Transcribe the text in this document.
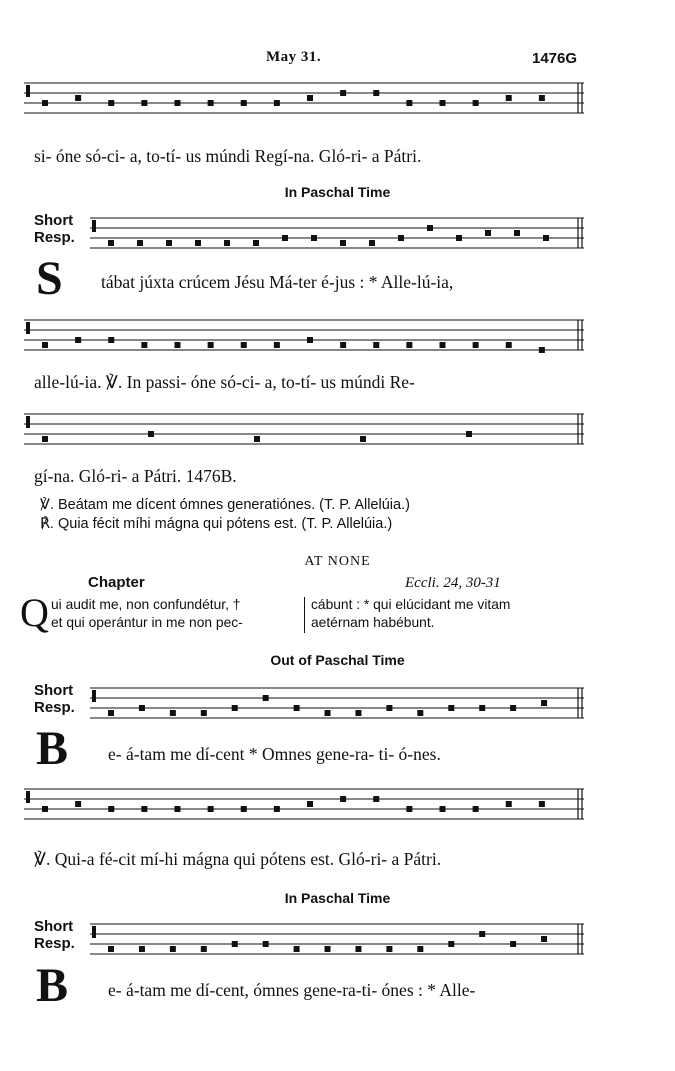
May 31.	1476G
si- óne só-ci- a, to-tí- us múndi Regí-na. Gló-ri- a Pátri.
In Paschal Time
Short
Resp.
S tábat júxta crúcem Jésu Má-ter é-jus : * Alle-lú-ia,
alle-lú-ia. ℣. In passi- óne só-ci- a, to-tí- us múndi Re-
gí-na. Gló-ri- a Pátri. 1476B.
℣. Beátam me dícent ómnes generatiónes. (T. P. Allelúia.)
℟. Quia fécit míhi mágna qui pótens est. (T. P. Allelúia.)
AT NONE
Chapter	Eccli. 24, 30-31
Q ui audit me, non confundétur, †
et qui operántur in me non pec-
cábunt : * qui elúcidant me vitam
aetérnam habébunt.
Out of Paschal Time
Short
Resp.
B e- á-tam me dí-cent * Omnes gene-ra- ti- ó-nes.
℣. Qui-a fé-cit mí-hi mágna qui pótens est. Gló-ri- a Pátri.
In Paschal Time
Short
Resp.
B e- á-tam me dí-cent, ómnes gene-ra-ti- ónes : * Alle-
